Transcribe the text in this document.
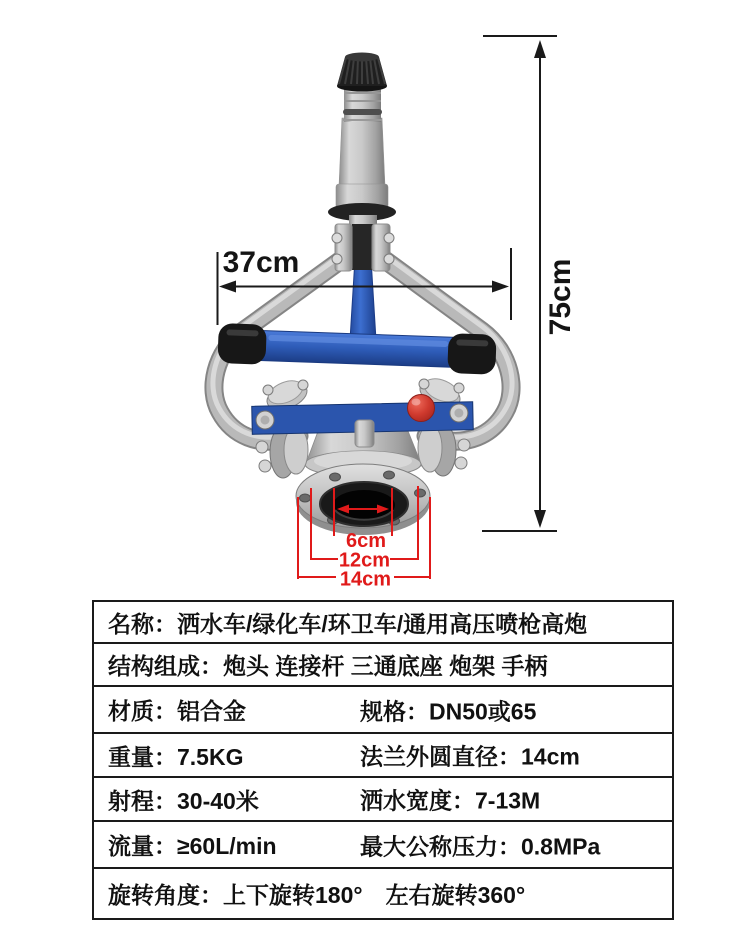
6cm
12cm
14cm
37cm	75cm
名称：洒水车/绿化车/环卫车/通用高压喷枪高炮
结构组成：炮头 连接杆 三通底座 炮架 手柄
材质：铝合金	规格：DN50或65
重量：7.5KG	法兰外圆直径：14cm
射程：30-40米	洒水宽度：7-13M
流量：≥60L/min	最大公称压力：0.8MPa
旋转角度：上下旋转180°　左右旋转360°
